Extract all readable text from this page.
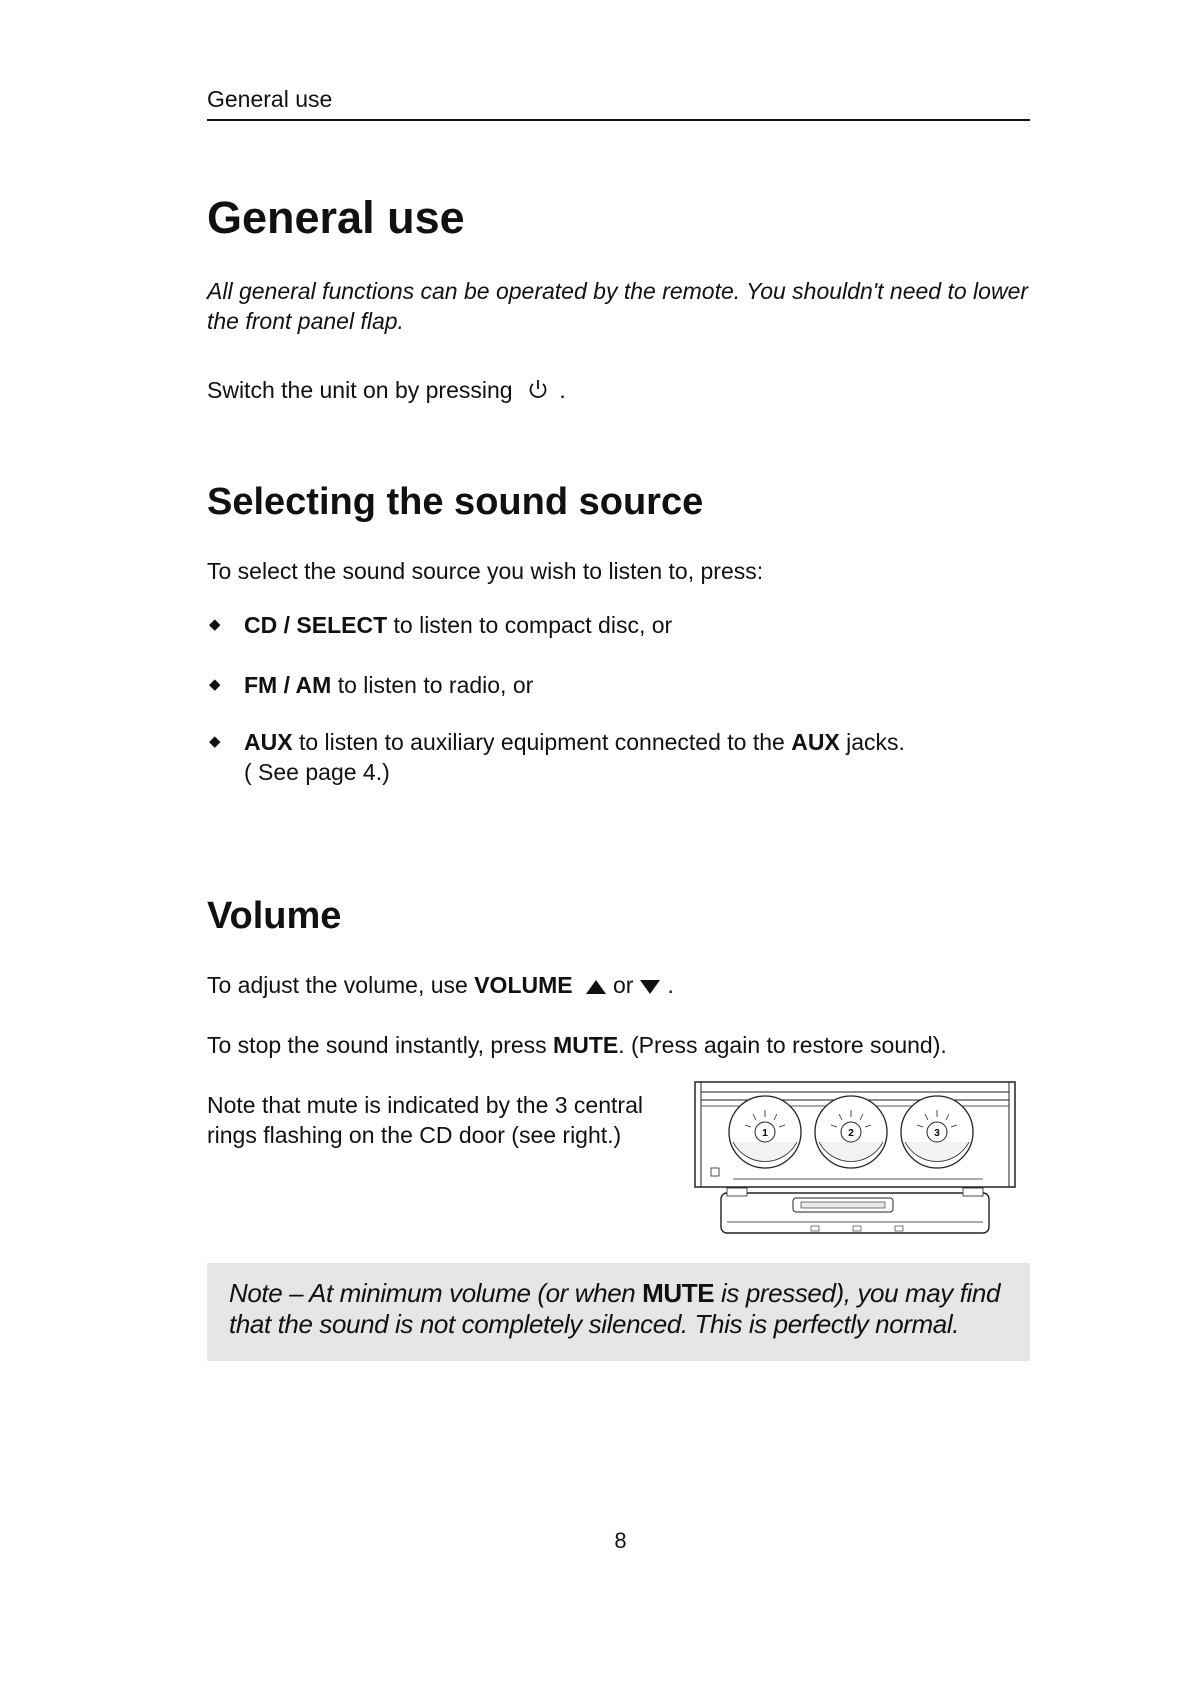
General use
General use

All general functions can be operated by the remote. You shouldn't need to lower the front panel flap.

Switch the unit on by pressing .

Selecting the sound source

To select the sound source you wish to listen to, press:

◆ CD / SELECT to listen to compact disc, or
◆ FM / AM to listen to radio, or
◆ AUX to listen to auxiliary equipment connected to the AUX jacks.
( See page 4.)
Volume

To adjust the volume, use VOLUME or .

To stop the sound instantly, press MUTE. (Press again to restore sound).

Note that mute is indicated by the 3 central rings flashing on the CD door (see right.)	1	2	3
Note – At minimum volume (or when MUTE is pressed), you may find that the sound is not completely silenced. This is perfectly normal.
8
